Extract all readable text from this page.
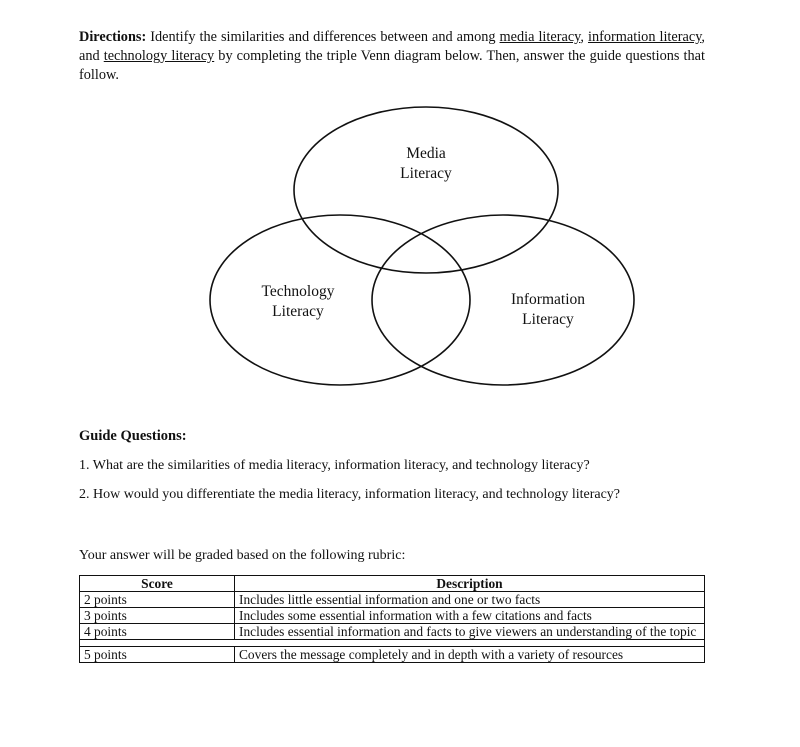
Directions: Identify the similarities and differences between and among media literacy, information literacy, and technology literacy by completing the triple Venn diagram below. Then, answer the guide questions that follow.
Media
Literacy
Technology
Literacy
Information
Literacy
Guide Questions:
1. What are the similarities of media literacy, information literacy, and technology literacy?
2. How would you differentiate the media literacy, information literacy, and technology literacy?
Your answer will be graded based on the following rubric:
Score	Description
2 points	Includes little essential information and one or two facts
3 points	Includes some essential information with a few citations and facts
4 points	Includes essential information and facts to give viewers an understanding of the topic

5 points	Covers the message completely and in depth with a variety of resources
